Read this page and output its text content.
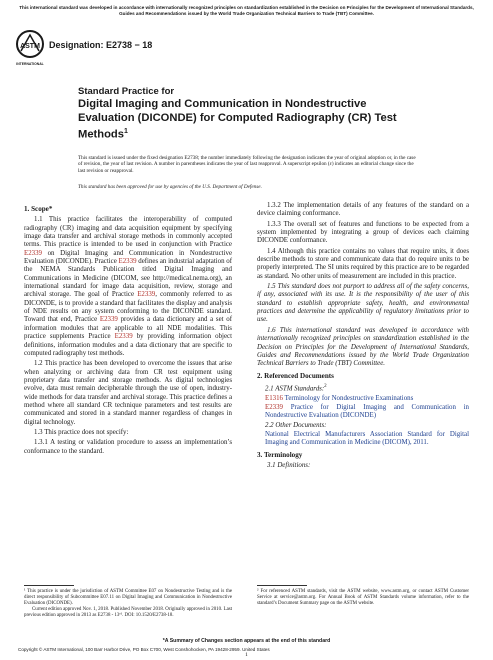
This international standard was developed in accordance with internationally recognized principles on standardization established in the Decision on Principles for the Development of International Standards, Guides and Recommendations issued by the World Trade Organization Technical Barriers to Trade (TBT) Committee.
ASTM
INTERNATIONAL
Designation: E2738 − 18
Standard Practice for
Digital Imaging and Communication in Nondestructive Evaluation (DICONDE) for Computed Radiography (CR) Test Methods$^1$
This standard is issued under the fixed designation E2738; the number immediately following the designation indicates the year of original adoption or, in the case of revision, the year of last revision. A number in parentheses indicates the year of last reapproval. A superscript epsilon (ε) indicates an editorial change since the last revision or reapproval.
This standard has been approved for use by agencies of the U.S. Department of Defense.
1. Scope*

1.1 This practice facilitates the interoperability of computed radiography (CR) imaging and data acquisition equipment by specifying image data transfer and archival storage methods in commonly accepted terms. This practice is intended to be used in conjunction with Practice E2339 on Digital Imaging and Communication in Nondestructive Evaluation (DICONDE). Practice E2339 defines an industrial adaptation of the NEMA Standards Publication titled Digital Imaging and Communications in Medicine (DICOM, see http://medical.nema.org), an international standard for image data acquisition, review, storage and archival storage. The goal of Practice E2339, commonly referred to as DICONDE, is to provide a standard that facilitates the display and analysis of NDE results on any system conforming to the DICONDE standard. Toward that end, Practice E2339 provides a data dictionary and a set of information modules that are applicable to all NDE modalities. This practice supplements Practice E2339 by providing information object definitions, information modules and a data dictionary that are specific to computed radiography test methods.

1.2 This practice has been developed to overcome the issues that arise when analyzing or archiving data from CR test equipment using proprietary data transfer and storage methods. As digital technologies evolve, data must remain decipherable through the use of open, industry-wide methods for data transfer and archival storage. This practice defines a method where all standard CR technique parameters and test results are communicated and stored in a standard manner regardless of changes in digital technology.

1.3 This practice does not specify:

1.3.1 A testing or validation procedure to assess an implementation’s conformance to the standard.

1.3.2 The implementation details of any features of the standard on a device claiming conformance.

1.3.3 The overall set of features and functions to be expected from a system implemented by integrating a group of devices each claiming DICONDE conformance.

1.4 Although this practice contains no values that require units, it does describe methods to store and communicate data that do require units to be properly interpreted. The SI units required by this practice are to be regarded as standard. No other units of measurement are included in this practice.

1.5 This standard does not purport to address all of the safety concerns, if any, associated with its use. It is the responsibility of the user of this standard to establish appropriate safety, health, and environmental practices and determine the applicability of regulatory limitations prior to use.

1.6 This international standard was developed in accordance with internationally recognized principles on standardization established in the Decision on Principles for the Development of International Standards, Guides and Recommendations issued by the World Trade Organization Technical Barriers to Trade (TBT) Committee.

2. Referenced Documents
2.1 ASTM Standards:$^2$
E1316 Terminology for Nondestructive Examinations
E2339 Practice for Digital Imaging and Communication in Nondestructive Evaluation (DICONDE)
2.2 Other Documents:
National Electrical Manufacturers Association Standard for Digital Imaging and Communication in Medicine (DICOM), 2011.
3. Terminology

3.1 Definitions:

¹ This practice is under the jurisdiction of ASTM Committee E07 on Nondestructive Testing and is the direct responsibility of Subcommittee E07.11 on Digital Imaging and Communication in Nondestructive Evaluation (DICONDE).
Current edition approved Nov. 1, 2018. Published November 2018. Originally approved in 2010. Last previous edition approved in 2013 as E2738 - 13ᵉ¹. DOI: 10.1520/E2738-18.
² For referenced ASTM standards, visit the ASTM website, www.astm.org, or contact ASTM Customer Service at service@astm.org. For Annual Book of ASTM Standards volume information, refer to the standard’s Document Summary page on the ASTM website.
*A Summary of Changes section appears at the end of this standard
Copyright © ASTM International, 100 Barr Harbor Drive, PO Box C700, West Conshohocken, PA 19428-2959. United States
1
